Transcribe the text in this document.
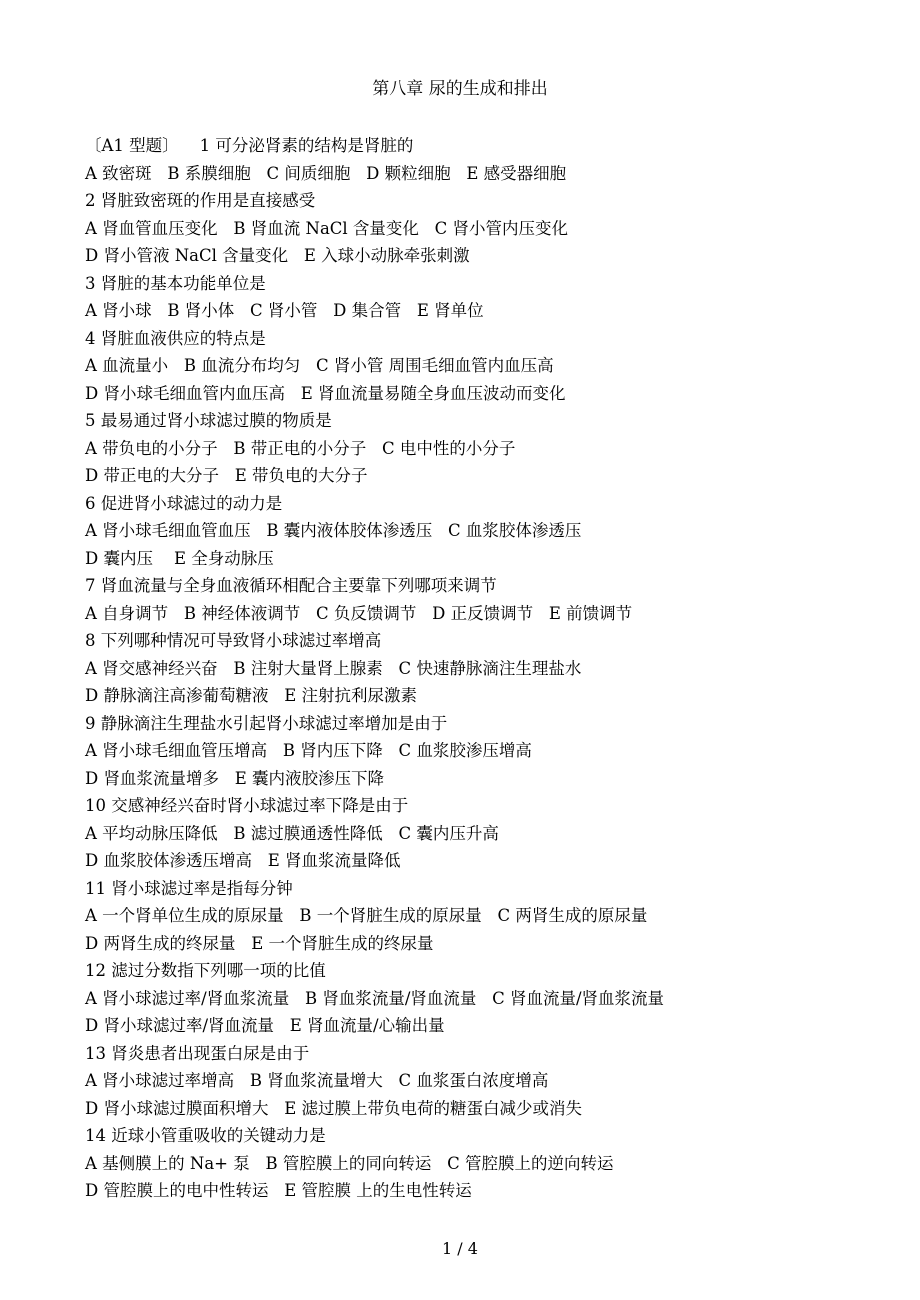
第八章 尿的生成和排出
〔A1 型题〕    1 可分泌肾素的结构是肾脏的
A 致密斑   B 系膜细胞   C 间质细胞   D 颗粒细胞   E 感受器细胞
2 肾脏致密斑的作用是直接感受
A 肾血管血压变化   B 肾血流 NaCl 含量变化   C 肾小管内压变化
D 肾小管液 NaCl 含量变化   E 入球小动脉牵张刺激
3 肾脏的基本功能单位是
A 肾小球   B 肾小体   C 肾小管   D 集合管   E 肾单位
4 肾脏血液供应的特点是
A 血流量小   B 血流分布均匀   C 肾小管 周围毛细血管内血压高
D 肾小球毛细血管内血压高   E 肾血流量易随全身血压波动而变化
5 最易通过肾小球滤过膜的物质是
A 带负电的小分子   B 带正电的小分子   C 电中性的小分子
D 带正电的大分子   E 带负电的大分子
6 促进肾小球滤过的动力是
A 肾小球毛细血管血压   B 囊内液体胶体渗透压   C 血浆胶体渗透压
D 囊内压    E 全身动脉压
7 肾血流量与全身血液循环相配合主要靠下列哪项来调节
A 自身调节   B 神经体液调节   C 负反馈调节   D 正反馈调节   E 前馈调节
8 下列哪种情况可导致肾小球滤过率增高
A 肾交感神经兴奋   B 注射大量肾上腺素   C 快速静脉滴注生理盐水
D 静脉滴注高渗葡萄糖液   E 注射抗利尿激素
9 静脉滴注生理盐水引起肾小球滤过率增加是由于
A 肾小球毛细血管压增高   B 肾内压下降   C 血浆胶渗压增高
D 肾血浆流量增多   E 囊内液胶渗压下降
10 交感神经兴奋时肾小球滤过率下降是由于
A 平均动脉压降低   B 滤过膜通透性降低   C 囊内压升高
D 血浆胶体渗透压增高   E 肾血浆流量降低
11 肾小球滤过率是指每分钟
A 一个肾单位生成的原尿量   B 一个肾脏生成的原尿量   C 两肾生成的原尿量
D 两肾生成的终尿量   E 一个肾脏生成的终尿量
12 滤过分数指下列哪一项的比值
A 肾小球滤过率/肾血浆流量   B 肾血浆流量/肾血流量   C 肾血流量/肾血浆流量
D 肾小球滤过率/肾血流量   E 肾血流量/心输出量
13 肾炎患者出现蛋白尿是由于
A 肾小球滤过率增高   B 肾血浆流量增大   C 血浆蛋白浓度增高
D 肾小球滤过膜面积增大   E 滤过膜上带负电荷的糖蛋白减少或消失
14 近球小管重吸收的关键动力是
A 基侧膜上的 Na+ 泵   B 管腔膜上的同向转运   C 管腔膜上的逆向转运
D 管腔膜上的电中性转运   E 管腔膜 上的生电性转运
1 / 4
